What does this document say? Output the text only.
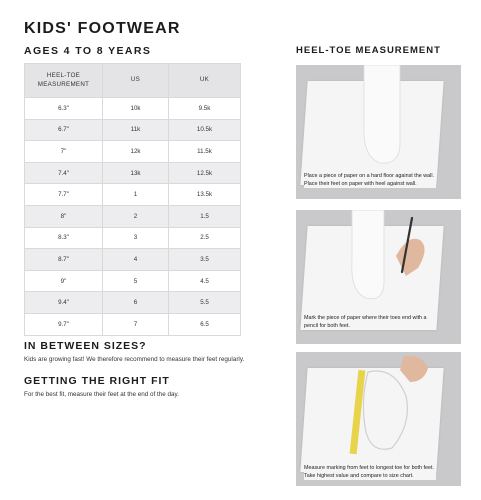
KIDS' FOOTWEAR
AGES 4 TO 8 YEARS
HEEL-TOE
MEASUREMENT	US	UK
6.3"	10k	9.5k
6.7"	11k	10.5k
7"	12k	11.5k
7.4"	13k	12.5k
7.7"	1	13.5k
8"	2	1.5
8.3"	3	2.5
8.7"	4	3.5
9"	5	4.5
9.4"	6	5.5
9.7"	7	6.5
IN BETWEEN SIZES?
Kids are growing fast! We therefore recommend to measure their feet regularly.
GETTING THE RIGHT FIT
For the best fit, measure their feet at the end of the day.
HEEL-TOE MEASUREMENT
Place a piece of paper on a hard floor against the wall. Place their feet on paper with heel against wall.
Mark the piece of paper where their toes end with a pencil for both feet.
Measure marking from feet to longest toe for both feet. Take highest value and compare to size chart.
